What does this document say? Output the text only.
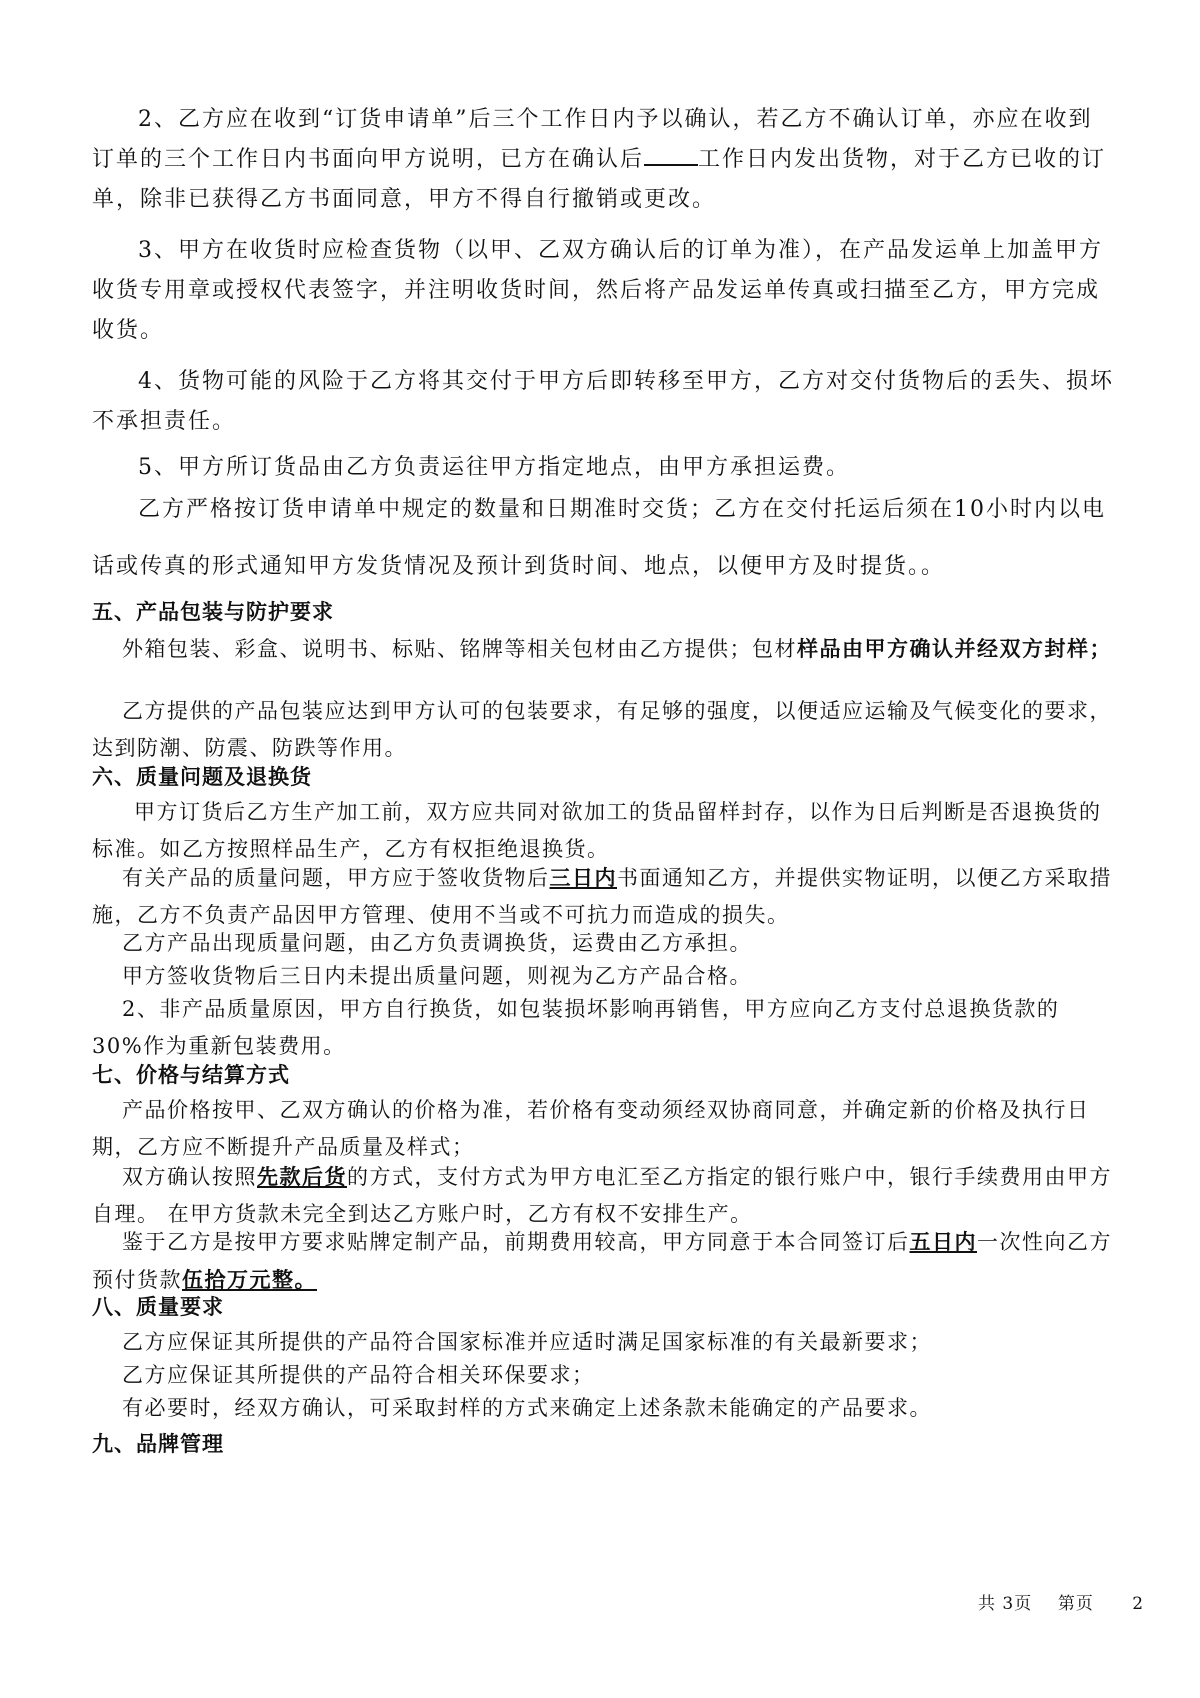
2、乙方应在收到“订货申请单”后三个工作日内予以确认，若乙方不确认订单，亦应在收到订单的三个工作日内书面向甲方说明，已方在确认后 工作日内发出货物，对于乙方已收的订单，除非已获得乙方书面同意，甲方不得自行撤销或更改。

3、甲方在收货时应检查货物（以甲、乙双方确认后的订单为准），在产品发运单上加盖甲方收货专用章或授权代表签字，并注明收货时间，然后将产品发运单传真或扫描至乙方，甲方完成收货。

4、货物可能的风险于乙方将其交付于甲方后即转移至甲方，乙方对交付货物后的丢失、损坏不承担责任。

5、甲方所订货品由乙方负责运往甲方指定地点，由甲方承担运费。

乙方严格按订货申请单中规定的数量和日期准时交货；乙方在交付托运后须在10小时内以电

话或传真的形式通知甲方发货情况及预计到货时间、地点，以便甲方及时提货。。

五、产品包装与防护要求

外箱包装、彩盒、说明书、标贴、铭牌等相关包材由乙方提供；包材样品由甲方确认并经双方封样；

乙方提供的产品包装应达到甲方认可的包装要求，有足够的强度，以便适应运输及气候变化的要求，达到防潮、防震、防跌等作用。

六、质量问题及退换货

甲方订货后乙方生产加工前，双方应共同对欲加工的货品留样封存，以作为日后判断是否退换货的标准。如乙方按照样品生产，乙方有权拒绝退换货。

有关产品的质量问题，甲方应于签收货物后三日内书面通知乙方，并提供实物证明，以便乙方采取措施，乙方不负责产品因甲方管理、使用不当或不可抗力而造成的损失。

乙方产品出现质量问题，由乙方负责调换货，运费由乙方承担。

甲方签收货物后三日内未提出质量问题，则视为乙方产品合格。

2、非产品质量原因，甲方自行换货，如包装损坏影响再销售，甲方应向乙方支付总退换货款的 30%作为重新包装费用。

七、价格与结算方式

产品价格按甲、乙双方确认的价格为准，若价格有变动须经双协商同意，并确定新的价格及执行日期，乙方应不断提升产品质量及样式；

双方确认按照先款后货的方式，支付方式为甲方电汇至乙方指定的银行账户中，银行手续费用由甲方自理。 在甲方货款未完全到达乙方账户时，乙方有权不安排生产。

鉴于乙方是按甲方要求贴牌定制产品，前期费用较高，甲方同意于本合同签订后五日内一次性向乙方预付货款伍拾万元整。

八、质量要求

乙方应保证其所提供的产品符合国家标准并应适时满足国家标准的有关最新要求；

乙方应保证其所提供的产品符合相关环保要求；

有必要时，经双方确认，可采取封样的方式来确定上述条款未能确定的产品要求。

九、品牌管理

共 3页 第页 2
